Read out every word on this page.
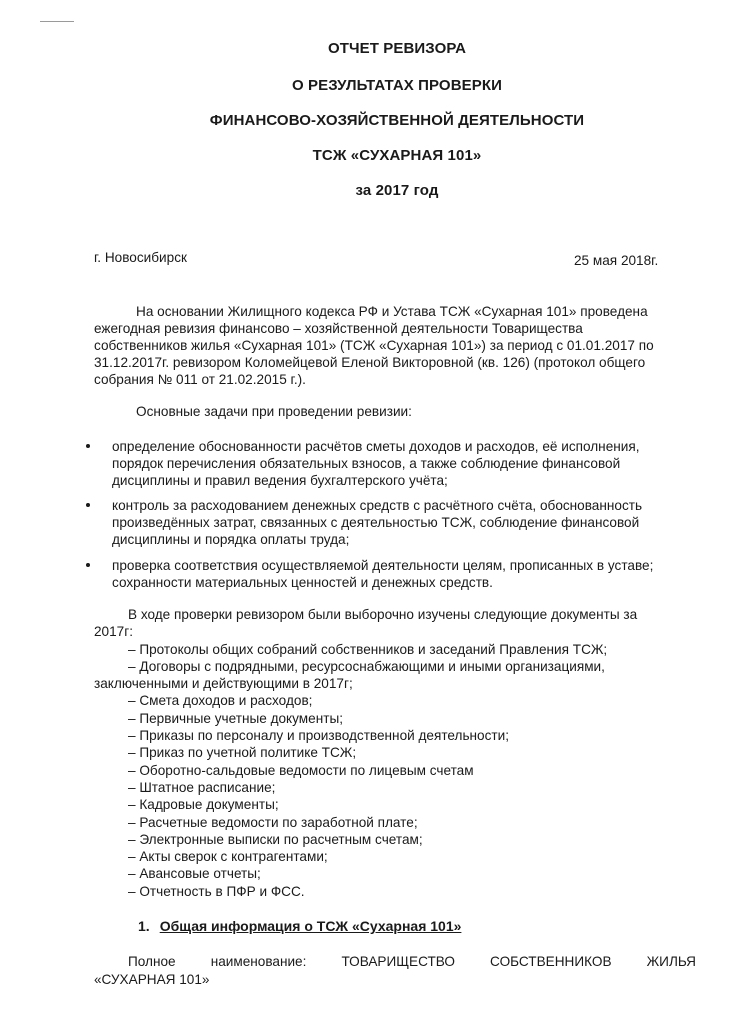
ОТЧЕТ РЕВИЗОРА
О РЕЗУЛЬТАТАХ ПРОВЕРКИ
ФИНАНСОВО-ХОЗЯЙСТВЕННОЙ ДЕЯТЕЛЬНОСТИ
ТСЖ «СУХАРНАЯ 101»
за 2017 год
г. Новосибирск	25 мая 2018г.
На основании Жилищного кодекса РФ и Устава ТСЖ «Сухарная 101» проведена
ежегодная ревизия финансово – хозяйственной деятельности Товарищества
собственников жилья «Сухарная 101» (ТСЖ «Сухарная 101») за период с 01.01.2017 по
31.12.2017г. ревизором Коломейцевой Еленой Викторовной (кв. 126) (протокол общего
собрания № 011 от 21.02.2015 г.).
Основные задачи при проведении ревизии:
определение обоснованности расчётов сметы доходов и расходов, её исполнения,
порядок перечисления обязательных взносов, а также соблюдение финансовой
дисциплины и правил ведения бухгалтерского учёта;
контроль за расходованием денежных средств с расчётного счёта, обоснованность
произведённых затрат, связанных с деятельностью ТСЖ, соблюдение финансовой
дисциплины и порядка оплаты труда;
проверка соответствия осуществляемой деятельности целям, прописанных в уставе;
сохранности материальных ценностей и денежных средств.
В ходе проверки ревизором были выборочно изучены следующие документы за
2017г:
– Протоколы общих собраний собственников и заседаний Правления ТСЖ;
– Договоры с подрядными, ресурсоснабжающими и иными организациями,
заключенными и действующими в 2017г;
– Смета доходов и расходов;
– Первичные учетные документы;
– Приказы по персоналу и производственной деятельности;
– Приказ по учетной политике ТСЖ;
– Оборотно-сальдовые ведомости по лицевым счетам
– Штатное расписание;
– Кадровые документы;
– Расчетные ведомости по заработной плате;
– Электронные выписки по расчетным счетам;
– Акты сверок с контрагентами;
– Авансовые отчеты;
– Отчетность в ПФР и ФСС.
1. Общая информация о ТСЖ «Сухарная 101»
Полное	наименование:	ТОВАРИЩЕСТВО	СОБСТВЕННИКОВ	ЖИЛЬЯ
«СУХАРНАЯ 101»
